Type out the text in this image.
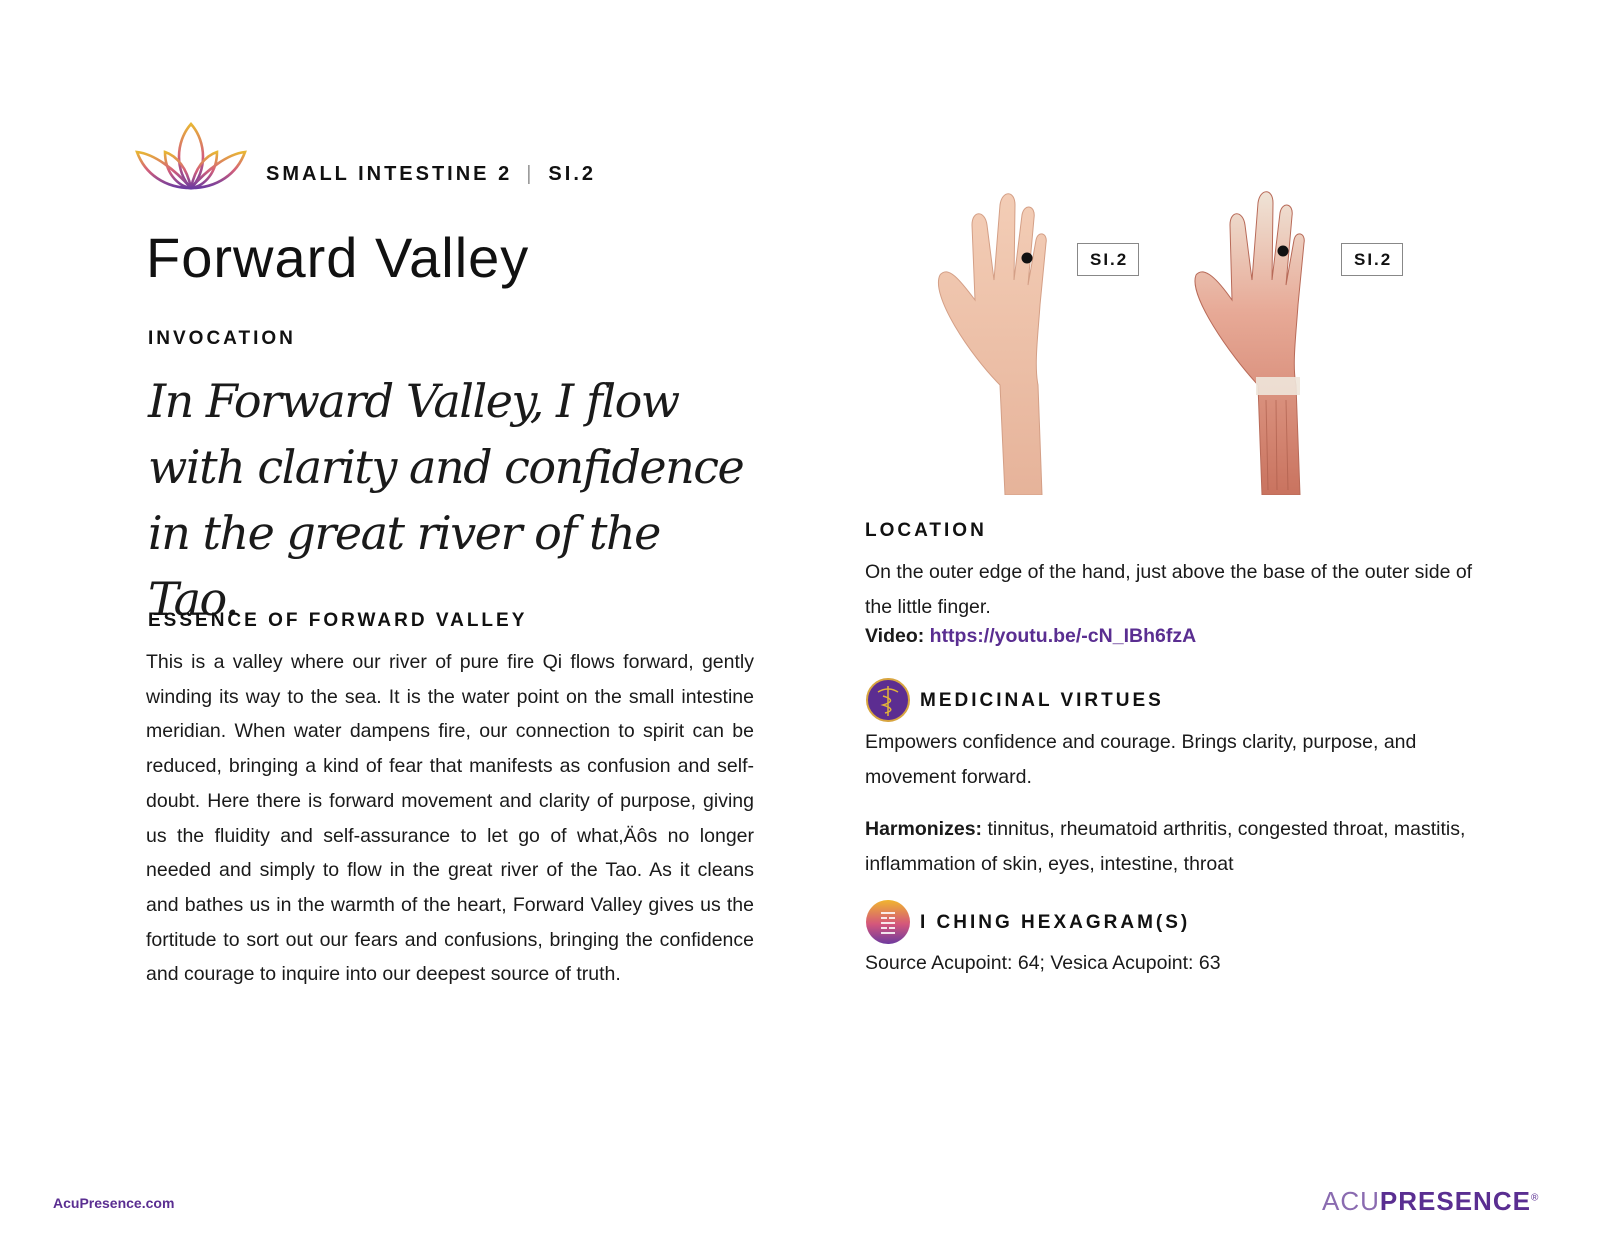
SMALL INTESTINE 2 | SI.2
Forward Valley
INVOCATION
In Forward Valley, I flow with clarity and confidence in the great river of the Tao.
ESSENCE OF FORWARD VALLEY
This is a valley where our river of pure fire Qi flows forward, gently winding its way to the sea. It is the water point on the small intestine meridian. When water dampens fire, our connection to spirit can be reduced, bringing a kind of fear that manifests as confusion and self-doubt. Here there is forward movement and clarity of purpose, giving us the fluidity and self-assurance to let go of what,Äôs no longer needed and simply to flow in the great river of the Tao. As it cleans and bathes us in the warmth of the heart, Forward Valley gives us the fortitude to sort out our fears and confusions, bringing the confidence and courage to inquire into our deepest source of truth.
SI.2	SI.2
LOCATION
On the outer edge of the hand, just above the base of the outer side of the little finger.
Video: https://youtu.be/-cN_IBh6fzA
MEDICINAL VIRTUES
Empowers confidence and courage. Brings clarity, purpose, and movement forward.
Harmonizes: tinnitus, rheumatoid arthritis, congested throat, mastitis, inflammation of skin, eyes, intestine, throat
I CHING HEXAGRAM(S)
Source Acupoint: 64; Vesica Acupoint: 63
AcuPresence.com	ACUPRESENCE®
